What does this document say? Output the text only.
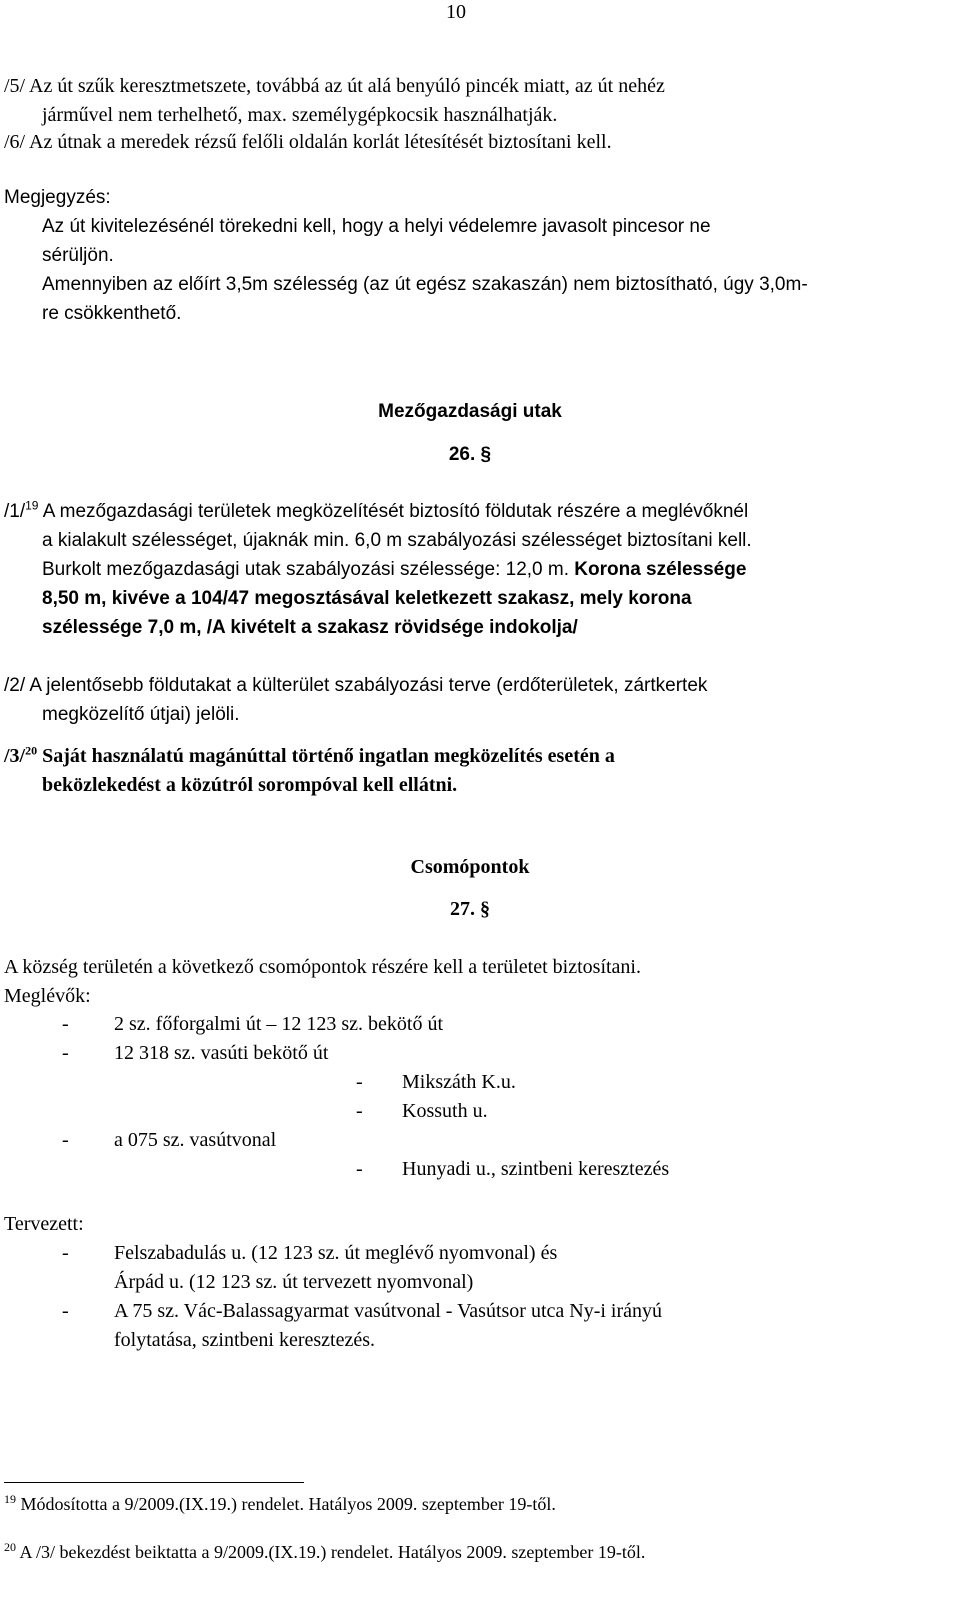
10
/5/ Az út szűk keresztmetszete, továbbá az út alá benyúló pincék miatt, az út nehéz
járművel nem terhelhető, max. személygépkocsik használhatják.
/6/ Az útnak a meredek rézsű felőli oldalán korlát létesítését biztosítani kell.
Megjegyzés:
Az út kivitelezésénél törekedni kell, hogy a helyi védelemre javasolt pincesor ne
sérüljön.
Amennyiben az előírt 3,5m szélesség (az út egész szakaszán) nem biztosítható, úgy 3,0m-
re csökkenthető.
Mezőgazdasági utak
26. §
/1/$^{19}$ A mezőgazdasági területek megközelítését biztosító földutak részére a meglévőknél
a kialakult szélességet, újaknák min. 6,0 m szabályozási szélességet biztosítani kell.
Burkolt mezőgazdasági utak szabályozási szélessége: 12,0 m. Korona szélessége
8,50 m, kivéve a 104/47 megosztásával keletkezett szakasz, mely korona
szélessége 7,0 m, /A kivételt a szakasz rövidsége indokolja/
/2/ A jelentősebb földutakat a külterület szabályozási terve (erdőterületek, zártkertek
megközelítő útjai) jelöli.
/3/$^{20}$ Saját használatú magánúttal történő ingatlan megközelítés esetén a
beközlekedést a közútról sorompóval kell ellátni.
Csomópontok
27. §
A község területén a következő csomópontok részére kell a területet biztosítani.
Meglévők:
- 2 sz. főforgalmi út – 12 123 sz. bekötő út
- 12 318 sz. vasúti bekötő út
- Mikszáth K.u.
- Kossuth u.
- a 075 sz. vasútvonal
- Hunyadi u., szintbeni keresztezés
Tervezett:
- Felszabadulás u. (12 123 sz. út meglévő nyomvonal) és
Árpád u. (12 123 sz. út tervezett nyomvonal)
- A 75 sz. Vác-Balassagyarmat vasútvonal - Vasútsor utca Ny-i irányú
folytatása, szintbeni keresztezés.
$^{19}$ Módosította a 9/2009.(IX.19.) rendelet. Hatályos 2009. szeptember 19-től.
$^{20}$ A /3/ bekezdést beiktatta a 9/2009.(IX.19.) rendelet. Hatályos 2009. szeptember 19-től.
